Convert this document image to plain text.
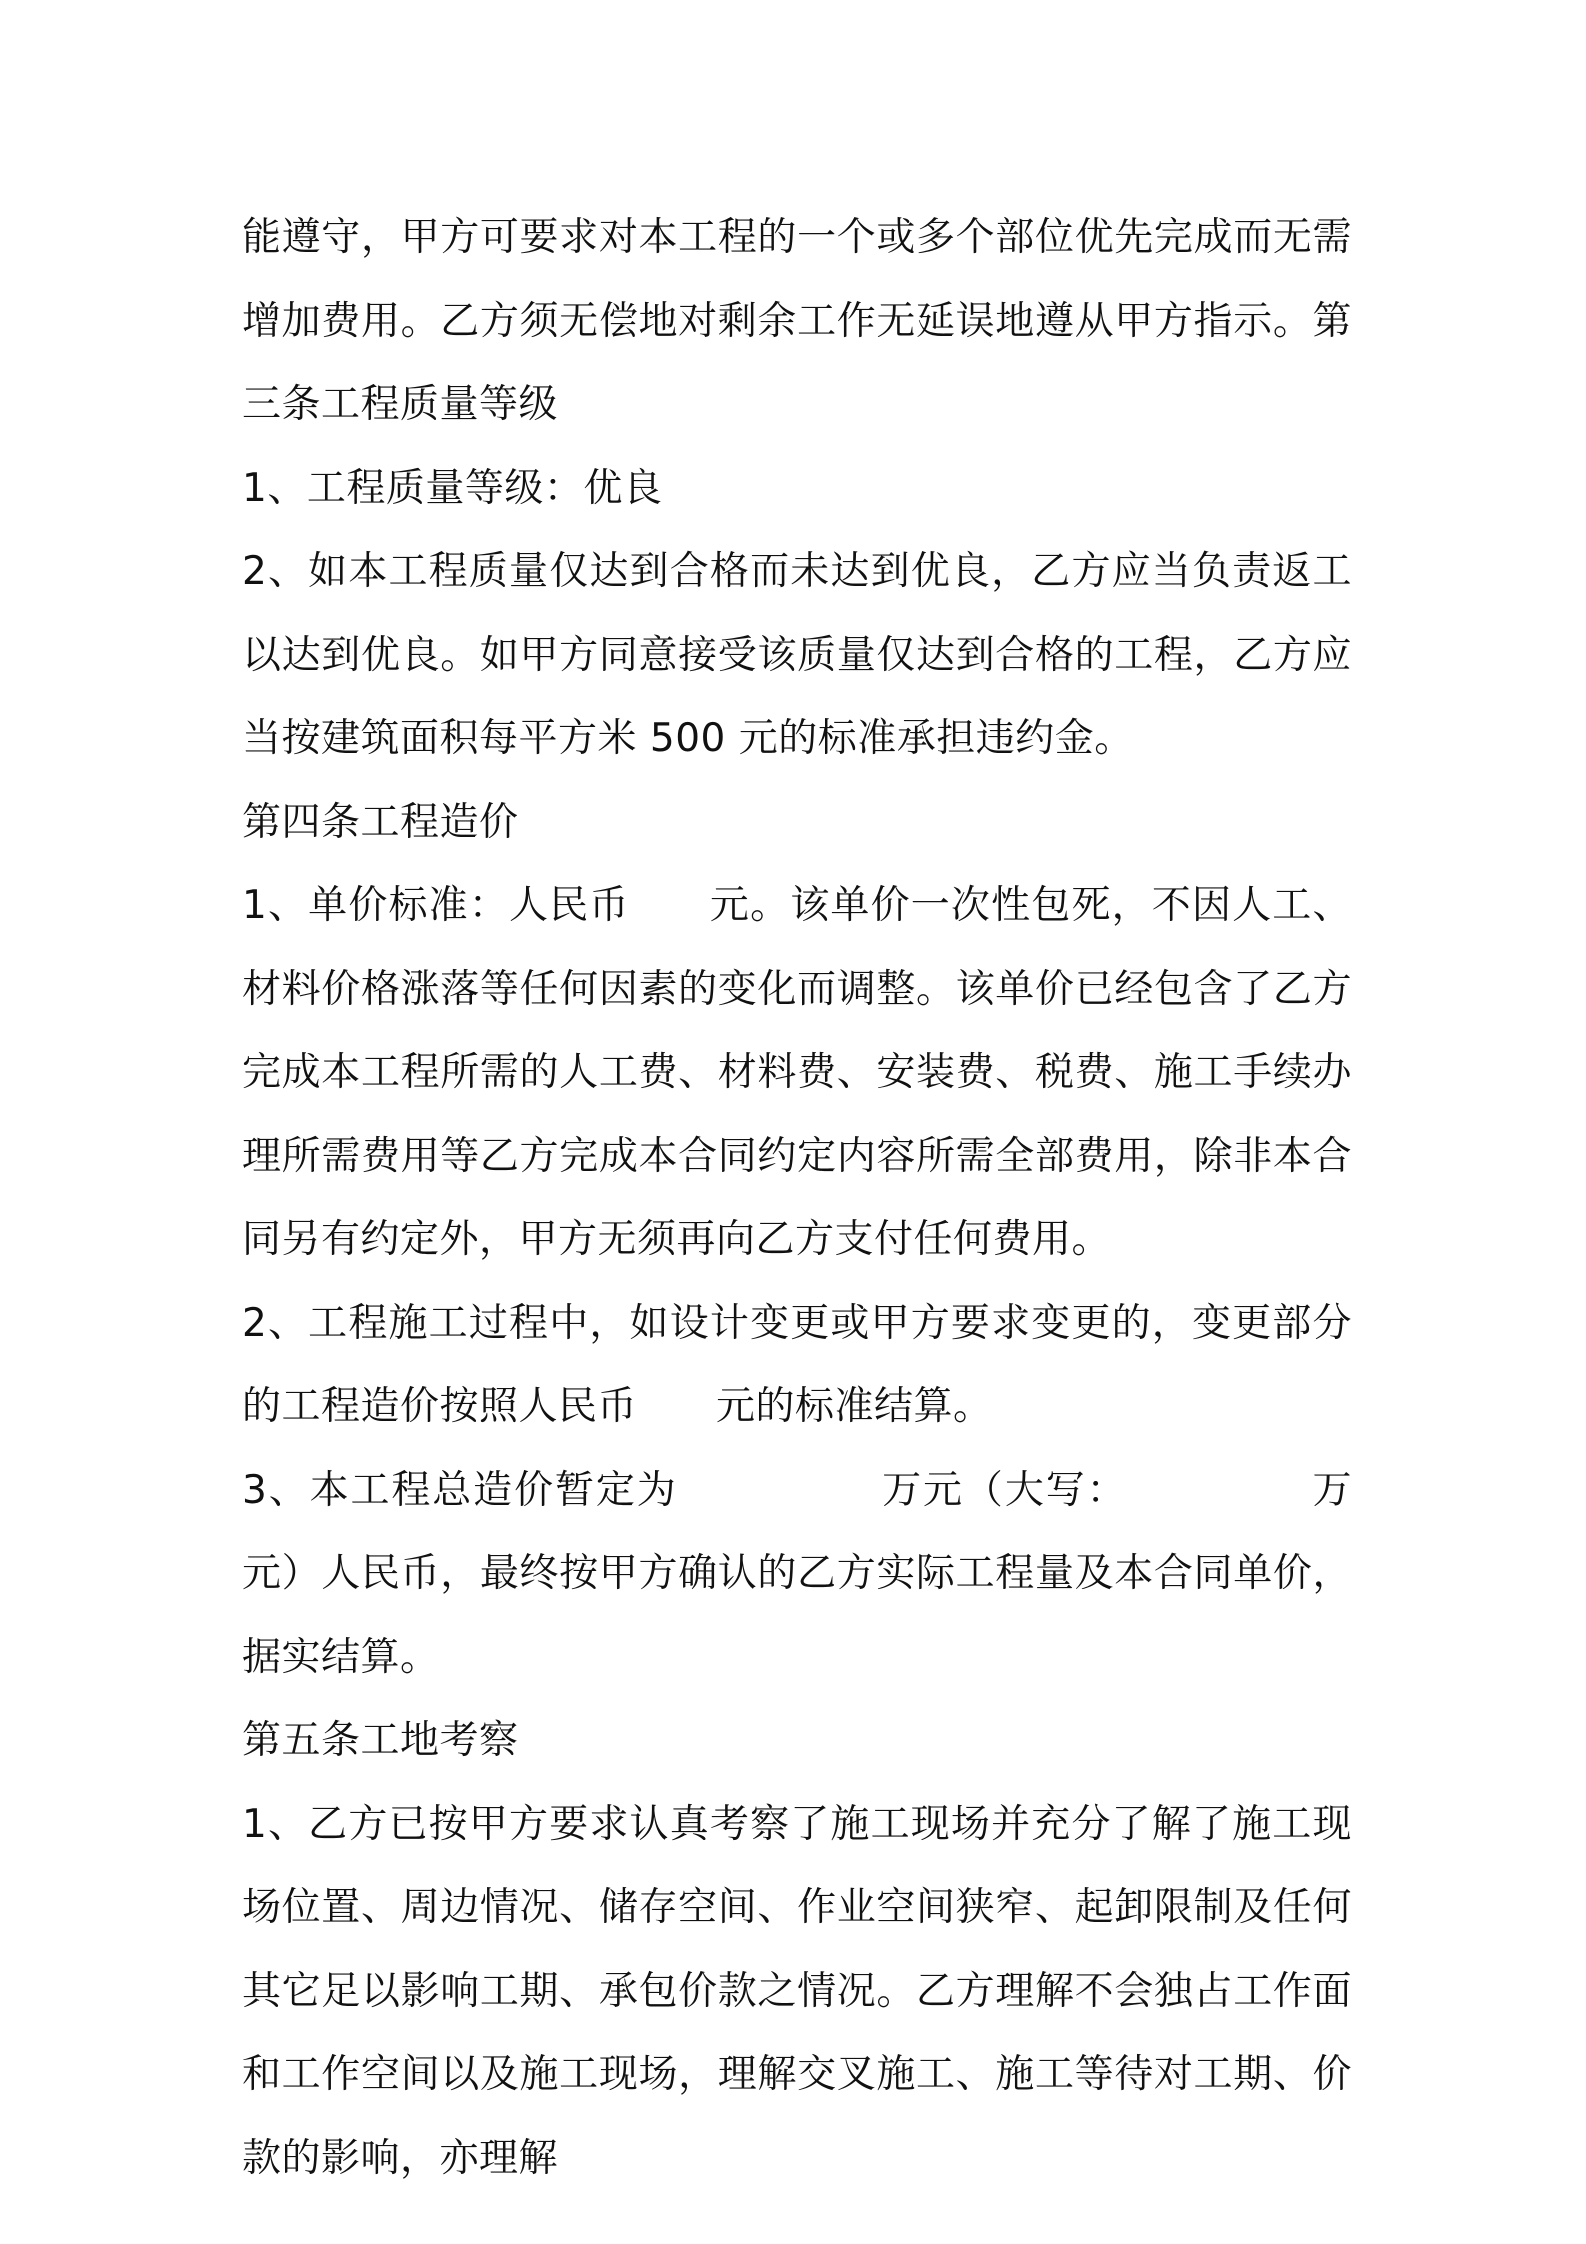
能遵守，甲方可要求对本工程的一个或多个部位优先完成而无需增加费用。乙方须无偿地对剩余工作无延误地遵从甲方指示。第三条工程质量等级

1、工程质量等级：优良

2、如本工程质量仅达到合格而未达到优良，乙方应当负责返工以达到优良。如甲方同意接受该质量仅达到合格的工程，乙方应当按建筑面积每平方米 500 元的标准承担违约金。

第四条工程造价

1、单价标准：人民币　　元。该单价一次性包死，不因人工、材料价格涨落等任何因素的变化而调整。该单价已经包含了乙方完成本工程所需的人工费、材料费、安装费、税费、施工手续办理所需费用等乙方完成本合同约定内容所需全部费用，除非本合同另有约定外，甲方无须再向乙方支付任何费用。

2、工程施工过程中，如设计变更或甲方要求变更的，变更部分的工程造价按照人民币　　元的标准结算。

3、本工程总造价暂定为　　　　　万元（大写：　　　　　万元）人民币，最终按甲方确认的乙方实际工程量及本合同单价，据实结算。

第五条工地考察

1、乙方已按甲方要求认真考察了施工现场并充分了解了施工现场位置、周边情况、储存空间、作业空间狭窄、起卸限制及任何其它足以影响工期、承包价款之情况。乙方理解不会独占工作面和工作空间以及施工现场，理解交叉施工、施工等待对工期、价款的影响，亦理解
